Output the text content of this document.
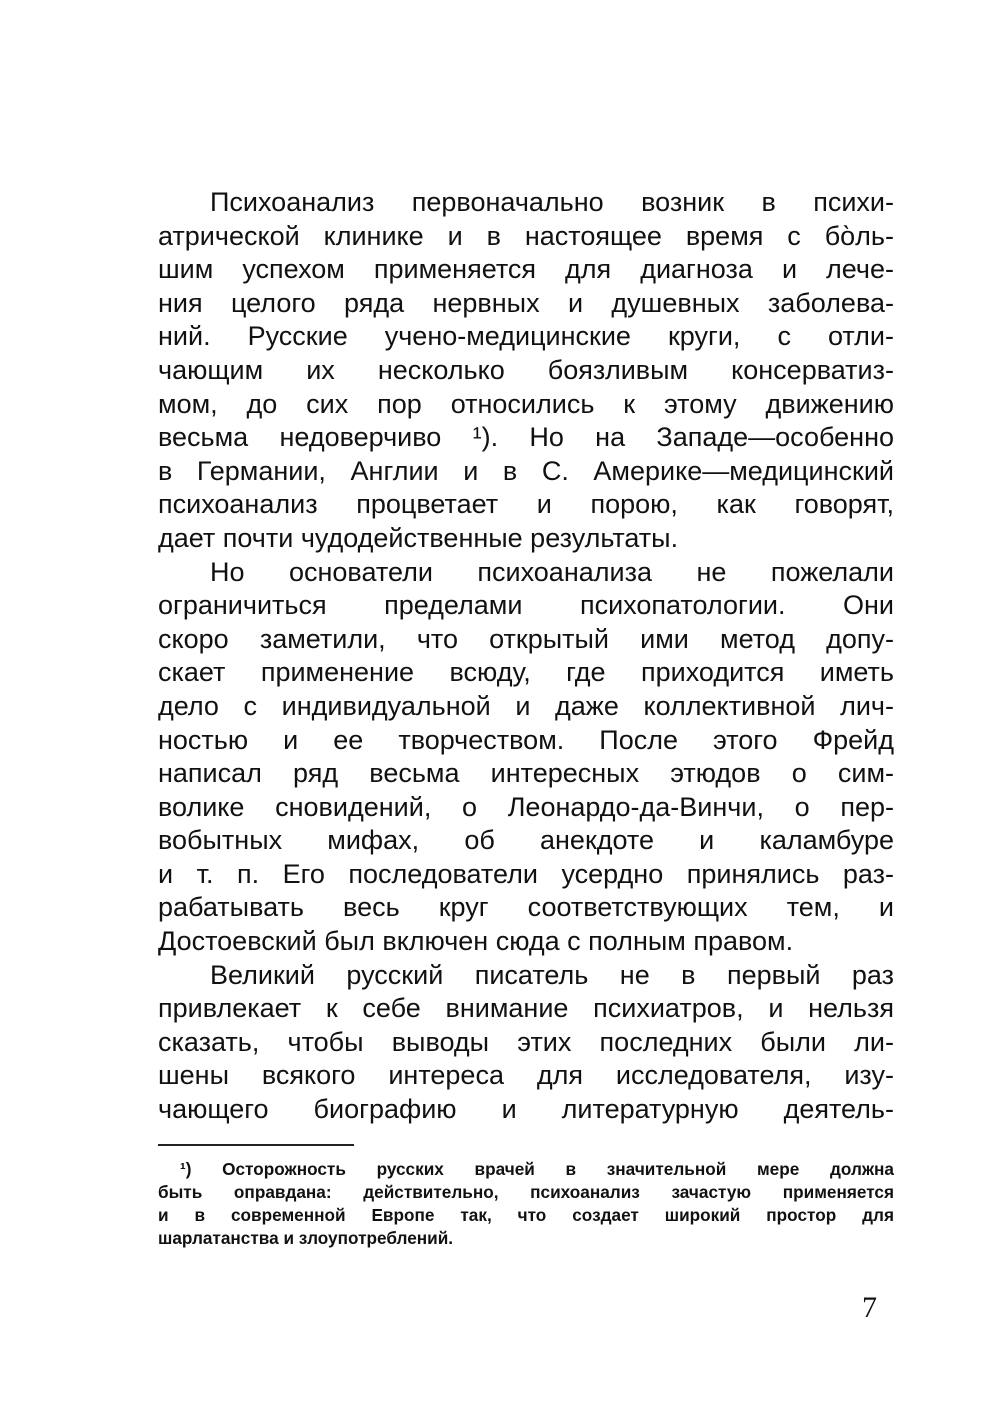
Психоанализ первоначально возник в психи-
атрической клинике и в настоящее время с бо̀ль-
шим успехом применяется для диагноза и лече-
ния целого ряда нервных и душевных заболева-
ний. Русские учено-медицинские круги, с отли-
чающим их несколько боязливым консерватиз-
мом, до сих пор относились к этому движению
весьма недоверчиво ¹). Но на Западе—особенно
в Германии, Англии и в С. Америке—медицинский
психоанализ процветает и порою, как говорят,
дает почти чудодейственные результаты.
Но основатели психоанализа не пожелали
ограничиться пределами психопатологии. Они
скоро заметили, что открытый ими метод допу-
скает применение всюду, где приходится иметь
дело с индивидуальной и даже коллективной лич-
ностью и ее творчеством. После этого Фрейд
написал ряд весьма интересных этюдов о сим-
волике сновидений, о Леонардо-да-Винчи, о пер-
вобытных мифах, об анекдоте и каламбуре
и т. п. Его последователи усердно принялись раз-
рабатывать весь круг соответствующих тем, и
Достоевский был включен сюда с полным правом.
Великий русский писатель не в первый раз
привлекает к себе внимание психиатров, и нельзя
сказать, чтобы выводы этих последних были ли-
шены всякого интереса для исследователя, изу-
чающего биографию и литературную деятель-
¹) Осторожность русских врачей в значительной мере должна
быть оправдана: действительно, психоанализ зачастую применяется
и в современной Европе так, что создает широкий простор для
шарлатанства и злоупотреблений.
7
